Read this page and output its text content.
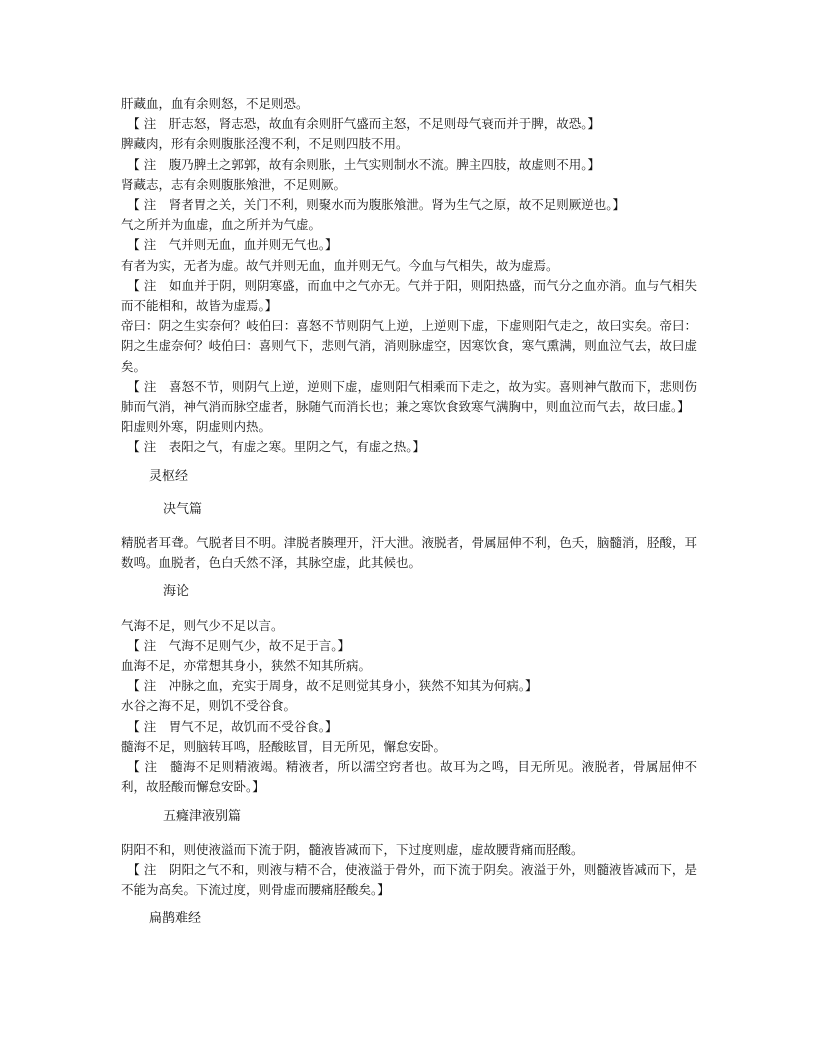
肝藏血，血有余则怒，不足则恐。

【 注　肝志怒，肾志恐，故血有余则肝气盛而主怒，不足则母气衰而并于脾，故恐。】

脾藏肉，形有余则腹胀泾溲不利，不足则四肢不用。

【 注　腹乃脾土之郭郭，故有余则胀，土气实则制水不流。脾主四肢，故虚则不用。】

肾藏志，志有余则腹胀飧泄，不足则厥。

【 注　肾者胃之关，关门不利，则聚水而为腹胀飧泄。肾为生气之原，故不足则厥逆也。】

气之所并为血虚，血之所并为气虚。

【 注　气并则无血，血并则无气也。】

有者为实，无者为虚。故气并则无血，血并则无气。今血与气相失，故为虚焉。

【 注　如血并于阴，则阴寒盛，而血中之气亦无。气并于阳，则阳热盛，而气分之血亦消。血与气相失而不能相和，故皆为虚焉。】

帝曰：阴之生实奈何？岐伯曰：喜怒不节则阴气上逆，上逆则下虚，下虚则阳气走之，故曰实矣。帝曰：阴之生虚奈何？岐伯曰：喜则气下，悲则气消，消则脉虚空，因寒饮食，寒气熏满，则血泣气去，故曰虚矣。

【 注　喜怒不节，则阴气上逆，逆则下虚，虚则阳气相乘而下走之，故为实。喜则神气散而下，悲则伤肺而气消，神气消而脉空虚者，脉随气而消长也；兼之寒饮食致寒气满胸中，则血泣而气去，故曰虚。】

阳虚则外寒，阴虚则内热。

【 注　表阳之气，有虚之寒。里阴之气，有虚之热。】

灵枢经

决气篇

精脱者耳聋。气脱者目不明。津脱者腠理开，汗大泄。液脱者，骨属屈伸不利，色夭，脑髓消，胫酸，耳数鸣。血脱者，色白夭然不泽，其脉空虚，此其候也。

海论

气海不足，则气少不足以言。

【 注　气海不足则气少，故不足于言。】

血海不足，亦常想其身小，狭然不知其所病。

【 注　冲脉之血，充实于周身，故不足则觉其身小，狭然不知其为何病。】

水谷之海不足，则饥不受谷食。

【 注　胃气不足，故饥而不受谷食。】

髓海不足，则脑转耳鸣，胫酸眩冒，目无所见，懈怠安卧。

【 注　髓海不足则精液竭。精液者，所以濡空窍者也。故耳为之鸣，目无所见。液脱者，骨属屈伸不利，故胫酸而懈怠安卧。】

五癃津液别篇

阴阳不和，则使液溢而下流于阴，髓液皆减而下，下过度则虚，虚故腰背痛而胫酸。

【 注　阴阳之气不和，则液与精不合，使液溢于骨外，而下流于阴矣。液溢于外，则髓液皆减而下，是不能为高矣。下流过度，则骨虚而腰痛胫酸矣。】

扁鹊难经
